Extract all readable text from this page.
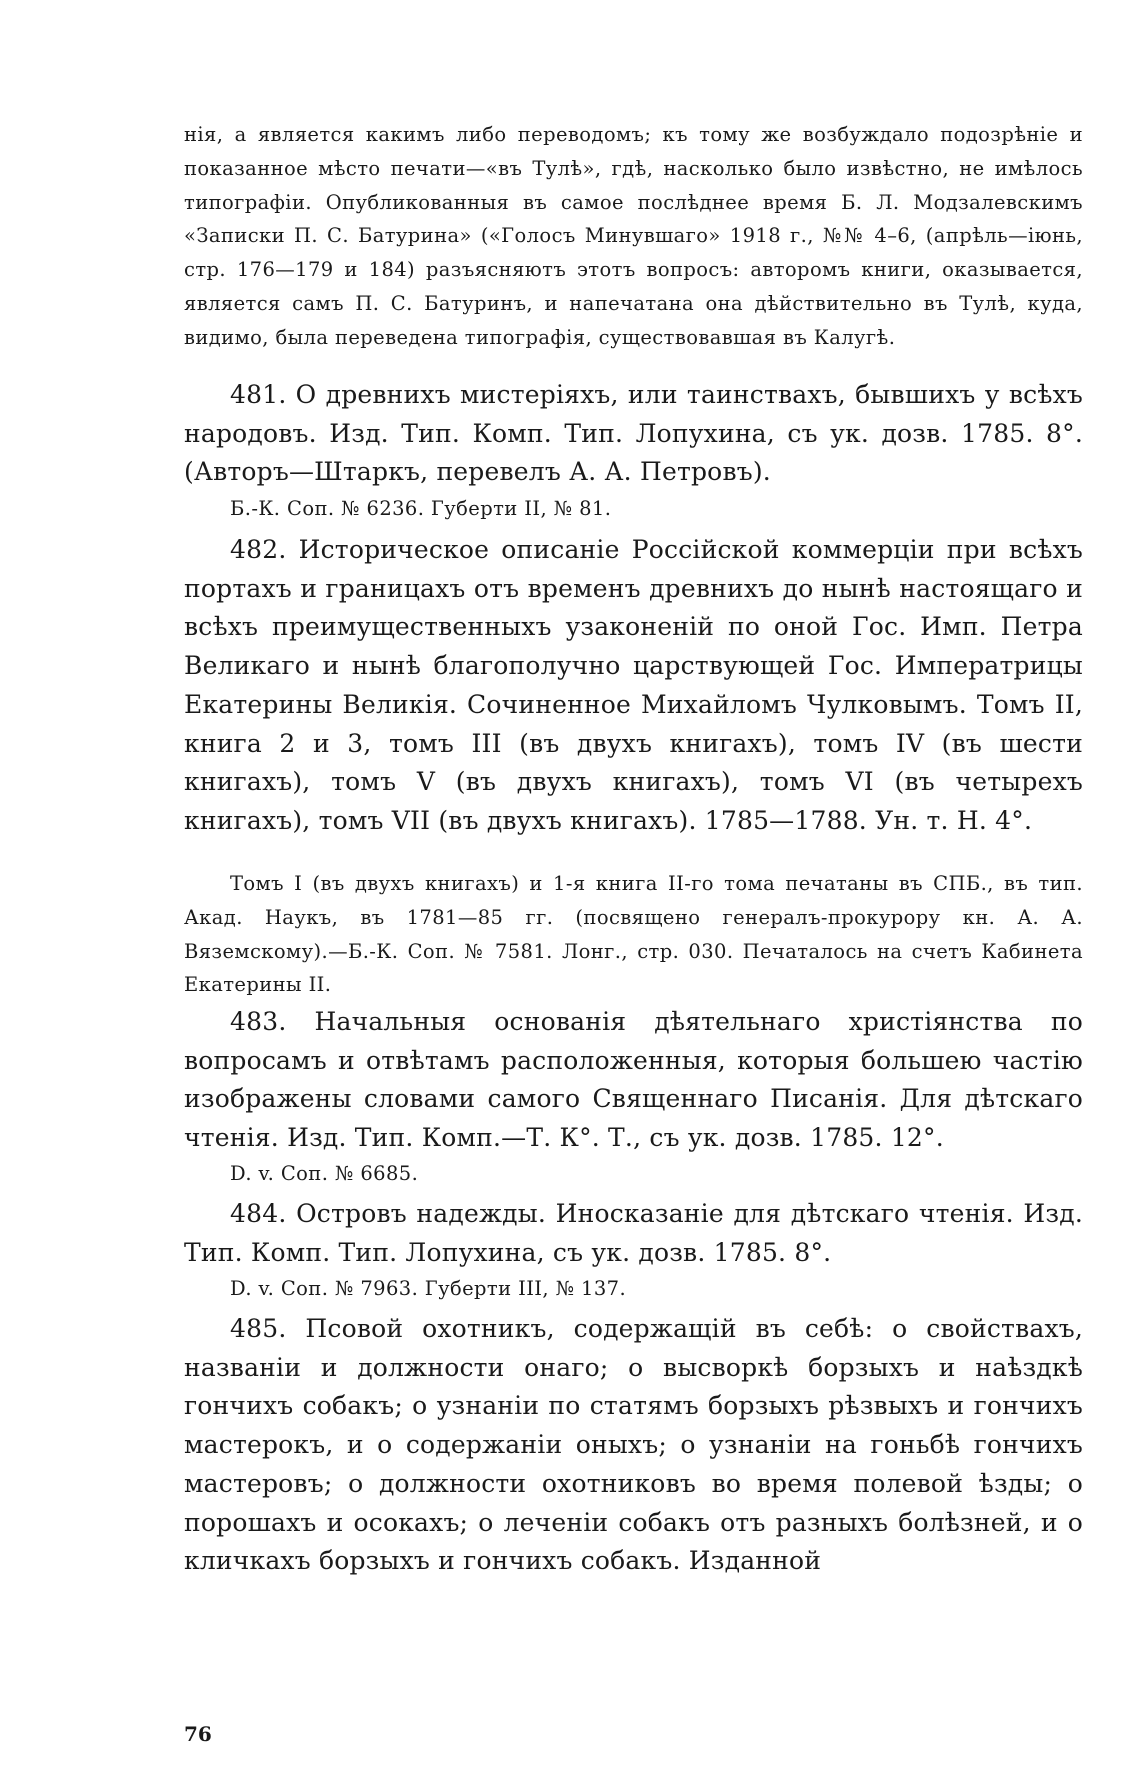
нія, а является какимъ либо переводомъ; къ тому же возбуждало подозрѣніе и показанное мѣсто печати—«въ Тулѣ», гдѣ, насколько было извѣстно, не имѣлось типографіи. Опубликованныя въ самое послѣднее время Б. Л. Модзалевскимъ «Записки П. С. Батурина» («Голосъ Минувшаго» 1918 г., №№ 4–6, (апрѣль—іюнь, стр. 176—179 и 184) разъясняютъ этотъ вопросъ: авторомъ книги, оказывается, является самъ П. С. Батуринъ, и напечатана она дѣйствительно въ Тулѣ, куда, видимо, была переведена типографія, существовавшая въ Калугѣ.

481. О древнихъ мистеріяхъ, или таинствахъ, бывшихъ у всѣхъ народовъ. Изд. Тип. Комп. Тип. Лопухина, съ ук. дозв. 1785. 8°. (Авторъ—Штаркъ, перевелъ А. А. Петровъ).

Б.-К. Соп. № 6236. Губерти II, № 81.

482. Историческое описаніе Россійской коммерціи при всѣхъ портахъ и границахъ отъ временъ древнихъ до нынѣ настоящаго и всѣхъ преимущественныхъ узаконеній по оной Гос. Имп. Петра Великаго и нынѣ благополучно царствующей Гос. Императрицы Екатерины Великія. Сочиненное Михайломъ Чулковымъ. Томъ II, книга 2 и 3, томъ III (въ двухъ книгахъ), томъ IV (въ шести книгахъ), томъ V (въ двухъ книгахъ), томъ VI (въ четырехъ книгахъ), томъ VII (въ двухъ книгахъ). 1785—1788. Ун. т. Н. 4°.

Томъ I (въ двухъ книгахъ) и 1-я книга II-го тома печатаны въ СПБ., въ тип. Акад. Наукъ, въ 1781—85 гг. (посвящено генералъ-прокурору кн. А. А. Вяземскому).—Б.-К. Соп. № 7581. Лонг., стр. 030. Печаталось на счетъ Кабинета Екатерины II.

483. Начальныя основанія дѣятельнаго христіянства по вопросамъ и отвѣтамъ расположенныя, которыя большею частію изображены словами самого Священнаго Писанія. Для дѣтскаго чтенія. Изд. Тип. Комп.—Т. К°. Т., съ ук. дозв. 1785. 12°.

D. v. Соп. № 6685.

484. Островъ надежды. Иносказаніе для дѣтскаго чтенія. Изд. Тип. Комп. Тип. Лопухина, съ ук. дозв. 1785. 8°.

D. v. Соп. № 7963. Губерти III, № 137.

485. Псовой охотникъ, содержащій въ себѣ: о свойствахъ, названіи и должности онаго; о высворкѣ борзыхъ и наѣздкѣ гончихъ собакъ; о узнаніи по статямъ борзыхъ рѣзвыхъ и гончихъ мастерокъ, и о содержаніи оныхъ; о узнаніи на гоньбѣ гончихъ мастеровъ; о должности охотниковъ во время полевой ѣзды; о порошахъ и осокахъ; о леченіи собакъ отъ разныхъ болѣзней, и о кличкахъ борзыхъ и гончихъ собакъ. Изданной

76
